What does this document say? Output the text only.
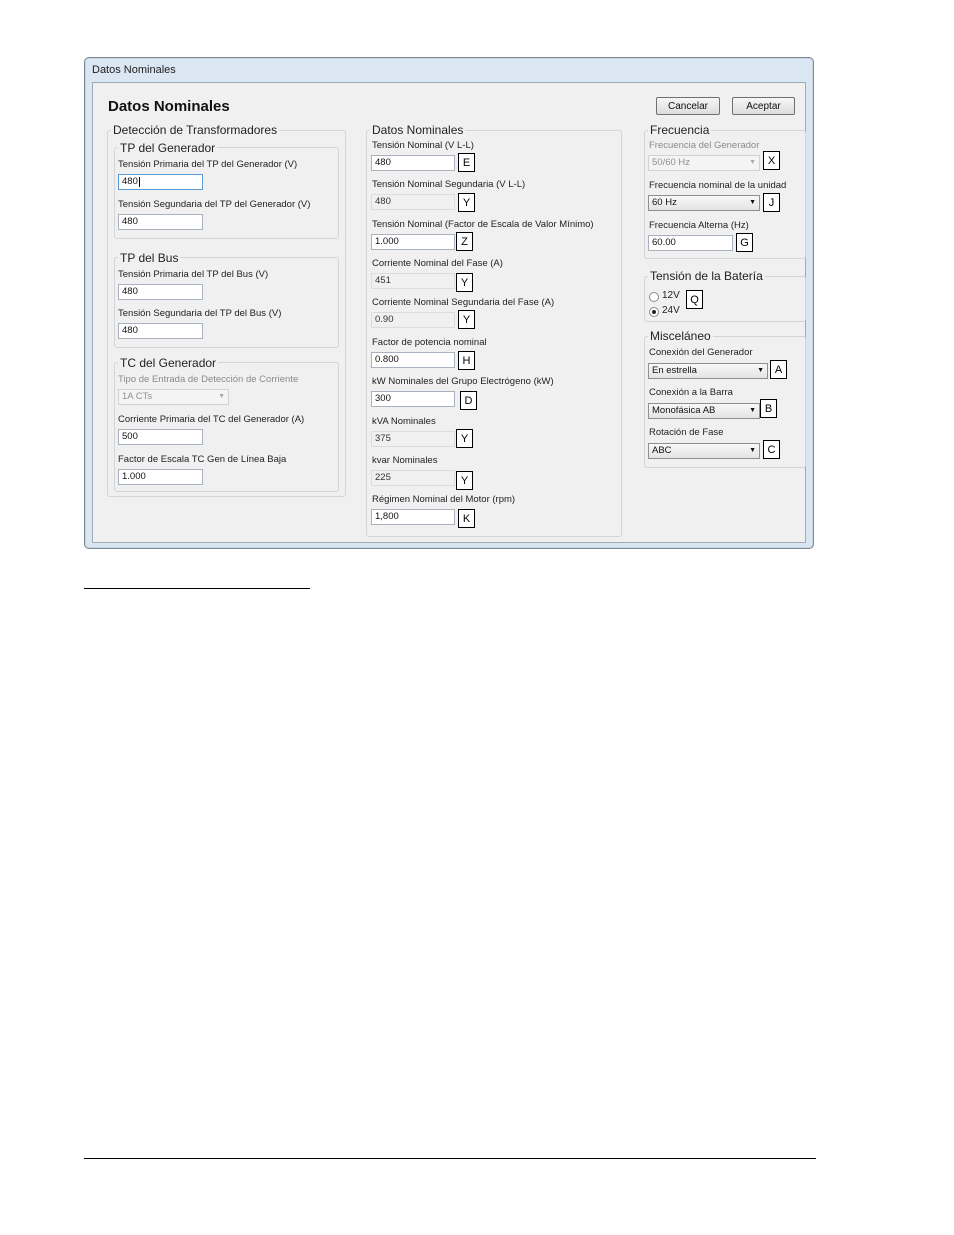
Datos Nominales
Datos Nominales	Cancelar	Aceptar
Detección de Transformadores
TP del Generador
Tensión Primaria del TP del Generador (V)
480
Tensión Segundaria del TP del Generador (V)
480
TP del Bus
Tensión Primaria del TP del Bus (V)
480
Tensión Segundaria del TP del Bus (V)
480
TC del Generador
Tipo de Entrada de Detección de Corriente
1A CTs	▼
Corriente Primaria del TC del Generador (A)
500
Factor de Escala TC Gen de Línea Baja
1.000
Datos Nominales
Tensión Nominal (V L-L)
480	E
Tensión Nominal Segundaria (V L-L)
480	Y
Tensión Nominal (Factor de Escala de Valor Mínimo)
1.000	Z
Corriente Nominal del Fase (A)
451	Y
Corriente Nominal Segundaria del Fase (A)
0.90	Y
Factor de potencia nominal
0.800	H
kW Nominales del Grupo Electrógeno (kW)
300	D
kVA Nominales
375	Y
kvar Nominales
225	Y
Régimen Nominal del Motor (rpm)
1,800	K
Frecuencia
Frecuencia del Generador
50/60 Hz	▼	X
Frecuencia nominal de la unidad
60 Hz	▼	J
Frecuencia Alterna (Hz)
60.00	G
Tensión de la Batería
12V
24V
Q
Misceláneo
Conexión del Generador
En estrella	▼ A
Conexión a la Barra
Monofásica AB	▼ B
Rotación de Fase
ABC	▼	C
